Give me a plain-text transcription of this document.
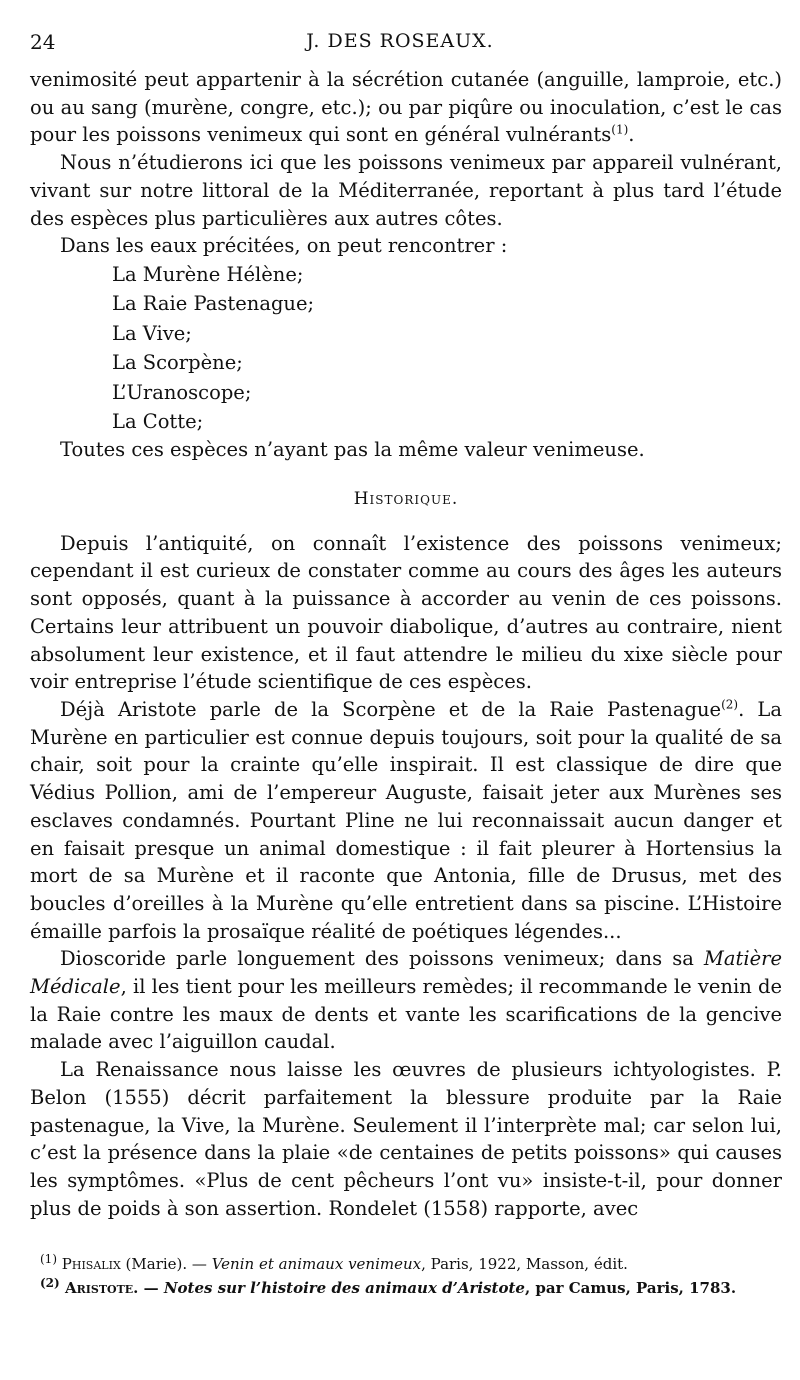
24	J. DES ROSEAUX.

venimosité peut appartenir à la sécrétion cutanée (anguille, lamproie, etc.) ou au sang (murène, congre, etc.); ou par piqûre ou inoculation, c’est le cas pour les poissons venimeux qui sont en général vulnérants$^{(1)}$.

Nous n’étudierons ici que les poissons venimeux par appareil vulnérant, vivant sur notre littoral de la Méditerranée, reportant à plus tard l’étude des espèces plus particulières aux autres côtes.

Dans les eaux précitées, on peut rencontrer :

La Murène Hélène;
La Raie Pastenague;
La Vive;
La Scorpène;
L’Uranoscope;
La Cotte;

Toutes ces espèces n’ayant pas la même valeur venimeuse.

Historique.

Depuis l’antiquité, on connaît l’existence des poissons venimeux; cependant il est curieux de constater comme au cours des âges les auteurs sont opposés, quant à la puissance à accorder au venin de ces poissons. Certains leur attribuent un pouvoir diabolique, d’autres au contraire, nient absolument leur existence, et il faut attendre le milieu du xixe siècle pour voir entreprise l’étude scientifique de ces espèces.

Déjà Aristote parle de la Scorpène et de la Raie Pastenague$^{(2)}$. La Murène en particulier est connue depuis toujours, soit pour la qualité de sa chair, soit pour la crainte qu’elle inspirait. Il est classique de dire que Védius Pollion, ami de l’empereur Auguste, faisait jeter aux Murènes ses esclaves condamnés. Pourtant Pline ne lui reconnaissait aucun danger et en faisait presque un animal domestique : il fait pleurer à Hortensius la mort de sa Murène et il raconte que Antonia, fille de Drusus, met des boucles d’oreilles à la Murène qu’elle entretient dans sa piscine. L’Histoire émaille parfois la prosaïque réalité de poétiques légendes...

Dioscoride parle longuement des poissons venimeux; dans sa Matière Médicale, il les tient pour les meilleurs remèdes; il recommande le venin de la Raie contre les maux de dents et vante les scarifications de la gencive malade avec l’aiguillon caudal.

La Renaissance nous laisse les œuvres de plusieurs ichtyologistes. P. Belon (1555) décrit parfaitement la blessure produite par la Raie pastenague, la Vive, la Murène. Seulement il l’interprète mal; car selon lui, c’est la présence dans la plaie «de centaines de petits poissons» qui causes les symptômes. «Plus de cent pêcheurs l’ont vu» insiste-t-il, pour donner plus de poids à son assertion. Rondelet (1558) rapporte, avec

$^{(1)}$ Phisalix (Marie). — Venin et animaux venimeux, Paris, 1922, Masson, édit.

$^{(2)}$ Aristote. — Notes sur l’histoire des animaux d’Aristote, par Camus, Paris, 1783.
